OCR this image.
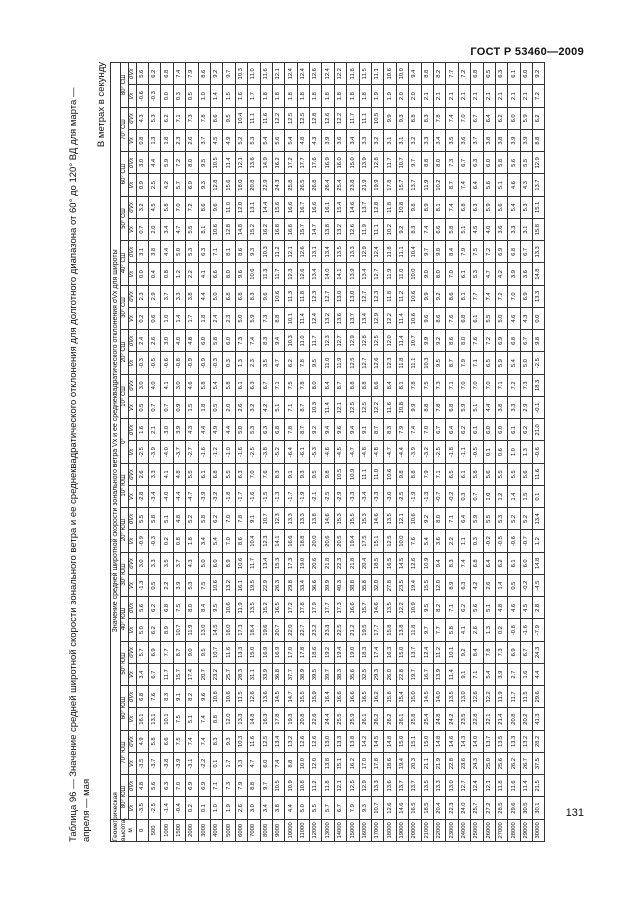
ГОСТ Р 53460—2009
Таблица 96 — Значение средней широтной скорости зонального ветра и ее среднеквадратического отклонения для долготного диапазона от 60° до 120° ВД для марта — апреля — мая
В метрах в секунду
Геометрическая высота, м	Значение средней широтной скорости зонального ветра Vx и ее среднеквадратического отклонения σVx для широты																																	
	80° ЮШ		70° ЮШ		60° ЮШ		50° ЮШ		40° ЮШ		30° ЮШ		20° ЮШ		10° ЮШ		0°		10° СШ		20° СШ		30° СШ		40° СШ		50° СШ		60° СШ		70° СШ		80° СШ	
	Vx	σVx	Vx	σVx	Vx	σVx	Vx	σVx	Vx	σVx	Vx	σVx	Vx	σVx	Vx	σVx	Vx	σVx	Vx	σVx	Vx	σVx	Vx	σVx	Vx	σVx	Vx	σVx	Vx	σVx	Vx	σVx	Vx	σVx
0	-3.5	4.8	-3.5	4.9	16.1	6.8	3.4	5.7	5.0	5.6	-1.3	3.0	-0.9	5.5	-2.8	2.6	-2.5	1.6	0.5	3.0	-0.3	2.4	0.2	2.3	0.0	3.1	0.7	3.2	0.9	3.0	0.8	4.3	-0.6	5.6
500	-2.5	5.6	-3.7	5.8	13.1	7.6	6.7	6.9	6.2	6.2	0.5	3.3	-0.3	5.8	-3.4	3.3	-3.9	2.1	0.7	4.0	-0.5	2.6	0.6	2.9	0.4	3.8	2.0	4.5	2.5	4.4	1.3	5.3	-0.3	6.2
1000	-1.4	6.3	-3.8	6.6	10.1	8.3	11.7	7.7	8.9	6.8	2.2	3.5	0.2	5.1	-4.0	4.1	-4.0	3.0	0.7	4.1	-0.6	3.0	1.0	3.7	0.8	4.4	3.4	5.8	4.2	5.9	1.8	6.2	0.0	6.8
1500	-0.4	7.0	-3.9	7.5	7.5	9.1	15.7	8.7	10.7	7.5	3.9	3.7	0.8	4.8	-4.4	4.8	-3.7	3.9	0.9	3.0	-0.8	4.0	1.4	3.3	1.2	5.0	4.7	7.0	5.7	7.2	2.3	7.1	0.3	7.4
2000	0.2	6.9	-3.1	7.4	5.1	8.2	17.4	9.0	11.9	8.0	5.3	4.3	1.8	5.2	-4.7	5.5	-2.7	4.3	1.5	4.6	-0.9	4.8	1.7	3.8	2.2	5.3	5.5	7.2	6.9	8.0	2.6	7.3	0.5	7.9
3000	0.1	6.9	-2.2	7.4	7.4	9.6	20.7	9.5	13.0	8.4	7.5	5.0	3.4	5.8	-3.9	6.1	-1.6	4.4	1.8	5.8	-0.9	6.0	1.8	4.4	4.1	6.3	8.1	8.6	9.3	9.5	3.7	7.8	1.0	8.6
4000	1.0	7.1	0.1	8.3	8.8	10.8	23.2	10.7	14.5	9.5	10.6	6.0	5.4	6.2	-3.2	6.8	-1.2	4.9	0.5	5.4	-0.3	5.8	2.4	5.0	6.6	7.1	10.6	9.6	12.8	10.5	4.5	8.6	1.4	9.2
5000	1.9	7.3	1.7	9.3	12.0	10.6	25.7	11.6	16.0	10.6	13.2	8.9	7.0	7.0	-1.8	5.5	-1.0	4.4	2.0	5.8	0.3	6.0	2.3	6.8	8.0	8.1	12.8	11.0	15.6	11.4	4.9	9.5	1.5	9.7
6000	2.6	7.9	3.3	10.3	13.3	11.5	28.3	13.3	17.3	11.9	16.1	10.6	8.6	7.8	-1.7	6.3	-1.6	5.0	2.6	6.1	1.3	7.3	5.0	6.8	9.6	8.6	14.8	12.0	18.0	12.1	5.2	10.4	1.6	10.3
7000	3.0	8.8	4.7	11.6	14.8	12.6	31.1	15.0	18.4	13.5	19.5	11.7	10.4	9.1	-1.6	7.0	-2.5	5.3	3.2	6.3	2.3	7.4	5.9	8.3	10.6	9.3	15.2	13.1	20.8	13.6	5.3	11.1	1.7	11.0
8000	3.4	9.7	6.0	12.5	16.3	13.6	33.9	16.9	19.6	15.2	22.9	13.4	12.3	10.7	-1.5	7.6	-3.8	6.3	4.2	6.7	3.5	8.3	7.3	9.6	11.3	10.3	16.2	14.4	22.9	14.9	5.4	11.6	1.8	11.6
9000	3.8	10.5	7.4	13.4	17.8	14.5	36.8	16.9	20.7	16.5	26.3	15.3	14.1	12.3	-1.3	8.3	-5.2	6.8	5.1	7.1	4.7	9.4	8.8	10.6	11.7	11.2	16.8	15.6	24.3	16.2	5.6	12.2	1.8	12.1
10000	4.4	10.9	8.8	13.2	19.3	14.7	37.7	17.0	22.0	17.2	29.8	17.3	16.6	13.3	-1.7	9.1	-6.4	7.8	7.1	7.5	6.2	10.3	10.1	11.3	12.3	12.1	16.6	16.6	25.8	17.2	5.4	12.5	1.8	12.4
11000	5.0	10.8	10.0	12.6	20.8	15.5	38.9	17.8	22.7	17.8	33.4	19.0	18.8	13.3	-1.9	9.3	-6.1	8.7	8.7	7.8	7.8	11.0	11.4	11.8	12.6	12.6	15.7	16.7	26.5	17.7	4.8	12.5	1.8	12.4
12000	5.5	11.2	12.0	12.6	22.6	15.9	39.5	18.6	23.2	17.9	36.6	20.6	20.0	13.8	-2.1	9.5	-5.3	9.2	10.3	8.0	9.5	11.7	12.4	12.3	13.4	13.1	14.7	16.6	26.8	17.6	4.3	12.8	1.8	12.6
13000	5.7	11.8	13.8	13.0	24.4	16.4	39.7	19.2	23.3	17.7	39.9	21.8	20.6	14.6	-2.5	9.8	-4.6	9.4	11.4	8.4	11.0	12.3	13.2	12.7	14.0	13.4	13.8	16.1	26.4	16.9	3.9	12.6	1.8	12.4
14000	6.7	12.1	15.1	13.3	25.5	16.6	38.3	19.4	22.5	17.3	40.3	22.3	20.5	15.3	-2.9	10.5	-4.5	9.6	12.1	8.7	11.9	12.7	13.6	13.0	14.1	13.5	13.2	15.4	25.4	16.0	3.6	12.2	1.8	12.2
15000	7.9	12.5	16.2	13.8	25.9	16.6	35.6	19.0	21.2	16.6	38.8	21.8	19.4	15.5	-3.3	10.9	-4.7	9.4	12.5	8.8	12.5	12.9	13.7	13.0	13.9	13.3	12.6	14.6	23.8	15.0	3.4	11.7	1.8	11.8
16000	9.3	12.9	17.0	14.2	26.1	16.5	32.5	18.3	19.5	15.7	35.8	20.4	17.5	15.3	-3.4	11.1	-4.8	9.1	12.5	8.8	12.7	12.8	13.4	12.7	13.4	12.9	11.9	13.7	21.9	13.9	3.3	11.1	1.8	11.5
17000	10.7	13.3	17.8	14.5	26.2	16.2	29.3	17.4	17.7	14.6	32.0	18.5	15.1	14.6	-3.3	11.0	-4.8	8.7	12.2	8.6	12.6	12.5	12.9	12.3	12.7	12.4	11.1	12.8	19.9	12.8	3.2	10.5	1.9	11.1
18000	12.6	13.6	18.6	14.8	26.2	15.8	26.0	16.3	15.8	13.5	27.8	16.5	12.5	13.5	-3.0	10.6	-4.7	8.3	11.6	8.4	12.3	12.0	12.2	11.8	11.9	11.8	10.2	11.8	17.8	11.7	3.1	9.9	1.9	10.6
19000	14.6	13.7	19.4	15.0	26.1	15.4	22.8	15.0	13.8	12.2	23.5	14.5	10.0	12.1	-2.5	9.8	-4.4	7.9	10.8	8.1	11.8	11.4	11.4	11.2	11.0	11.1	9.2	10.8	15.7	10.7	3.1	9.3	2.0	10.0
20000	16.5	13.7	20.3	15.1	25.8	15.0	19.7	13.7	11.8	10.9	19.4	12.6	7.6	10.6	-1.9	8.8	-3.9	7.4	9.9	7.8	11.1	10.7	10.6	10.6	10.0	10.4	8.3	9.8	13.7	9.7	3.2	8.8	2.0	9.4
21000	18.5	13.5	21.1	15.0	25.4	14.5	16.7	12.4	9.7	9.5	15.5	10.9	5.4	9.2	-1.3	7.9	-3.2	7.0	8.8	7.5	10.3	9.9	9.6	9.9	9.0	9.7	7.4	8.9	11.9	8.8	3.3	8.3	2.1	8.8
22000	20.4	13.3	21.9	14.8	24.8	14.0	13.9	11.2	7.7	8.2	12.0	9.4	3.6	8.0	-0.7	7.1	-2.5	6.7	7.8	7.3	9.5	9.2	8.6	9.2	8.0	9.0	6.6	8.1	10.2	8.0	3.4	7.8	2.1	8.2
23000	22.3	13.0	22.8	14.6	24.2	13.5	11.4	10.1	5.8	7.1	8.9	8.3	2.2	7.1	-0.2	6.5	-1.8	6.4	6.8	7.1	8.7	8.6	7.6	8.6	7.0	8.4	5.8	7.4	8.7	7.3	3.5	7.4	2.1	7.7
24000	24.0	12.7	23.6	14.3	23.5	13.0	9.1	9.2	4.1	6.2	6.3	7.4	1.1	6.4	0.3	6.1	-1.1	6.2	5.9	7.0	7.9	8.0	6.8	8.1	6.1	7.9	5.1	6.8	7.4	6.7	3.6	7.0	2.1	7.2
25000	25.7	12.4	24.3	14.0	22.8	12.6	7.1	8.4	2.6	5.6	4.2	6.8	0.3	5.9	0.7	5.8	-0.5	6.1	5.1	7.0	7.1	7.6	6.1	7.7	5.3	7.5	4.5	6.3	6.4	6.3	3.7	6.7	2.1	6.8
26000	27.2	12.1	25.0	13.7	22.1	12.2	5.4	7.8	1.3	5.1	2.6	6.4	-0.2	5.5	1.0	5.6	0.1	6.0	4.4	7.0	6.5	7.2	5.5	7.4	4.7	7.2	4.0	5.9	5.6	6.0	3.8	6.4	2.1	6.5
27000	28.5	11.8	25.6	13.5	21.4	11.9	3.9	7.3	0.2	4.8	1.4	6.2	-0.5	5.3	1.2	5.5	0.6	6.0	3.8	7.1	5.9	6.9	5.0	7.2	4.2	6.9	3.6	5.6	5.1	5.8	3.8	6.2	2.1	6.3
28000	29.6	11.6	26.2	13.3	20.8	11.7	2.7	6.9	-0.8	4.6	0.5	6.1	-0.6	5.2	1.4	5.5	1.0	6.1	3.3	7.2	5.4	6.8	4.6	7.0	3.9	6.8	3.3	5.4	4.6	5.6	3.9	6.0	2.1	6.1
29000	30.5	11.4	26.7	13.2	20.2	11.5	1.6	6.7	-1.6	4.5	-0.2	6.0	-0.7	5.2	1.5	5.6	1.3	6.2	2.9	7.3	5.0	6.7	4.3	6.9	3.6	6.7	3.1	5.3	4.3	5.5	3.9	5.9	2.1	6.0
30000	30.1	21.5	37.5	28.2	41.3	29.6	4.4	24.3	-7.9	2.8	-4.5	14.8	1.2	13.4	0.1	11.6	-0.6	21.0	-0.1	18.3	-2.5	9.8	0.0	13.3	14.8	13.3	15.8	15.1	13.7	12.9	8.8	6.2	7.2	9.2
131
